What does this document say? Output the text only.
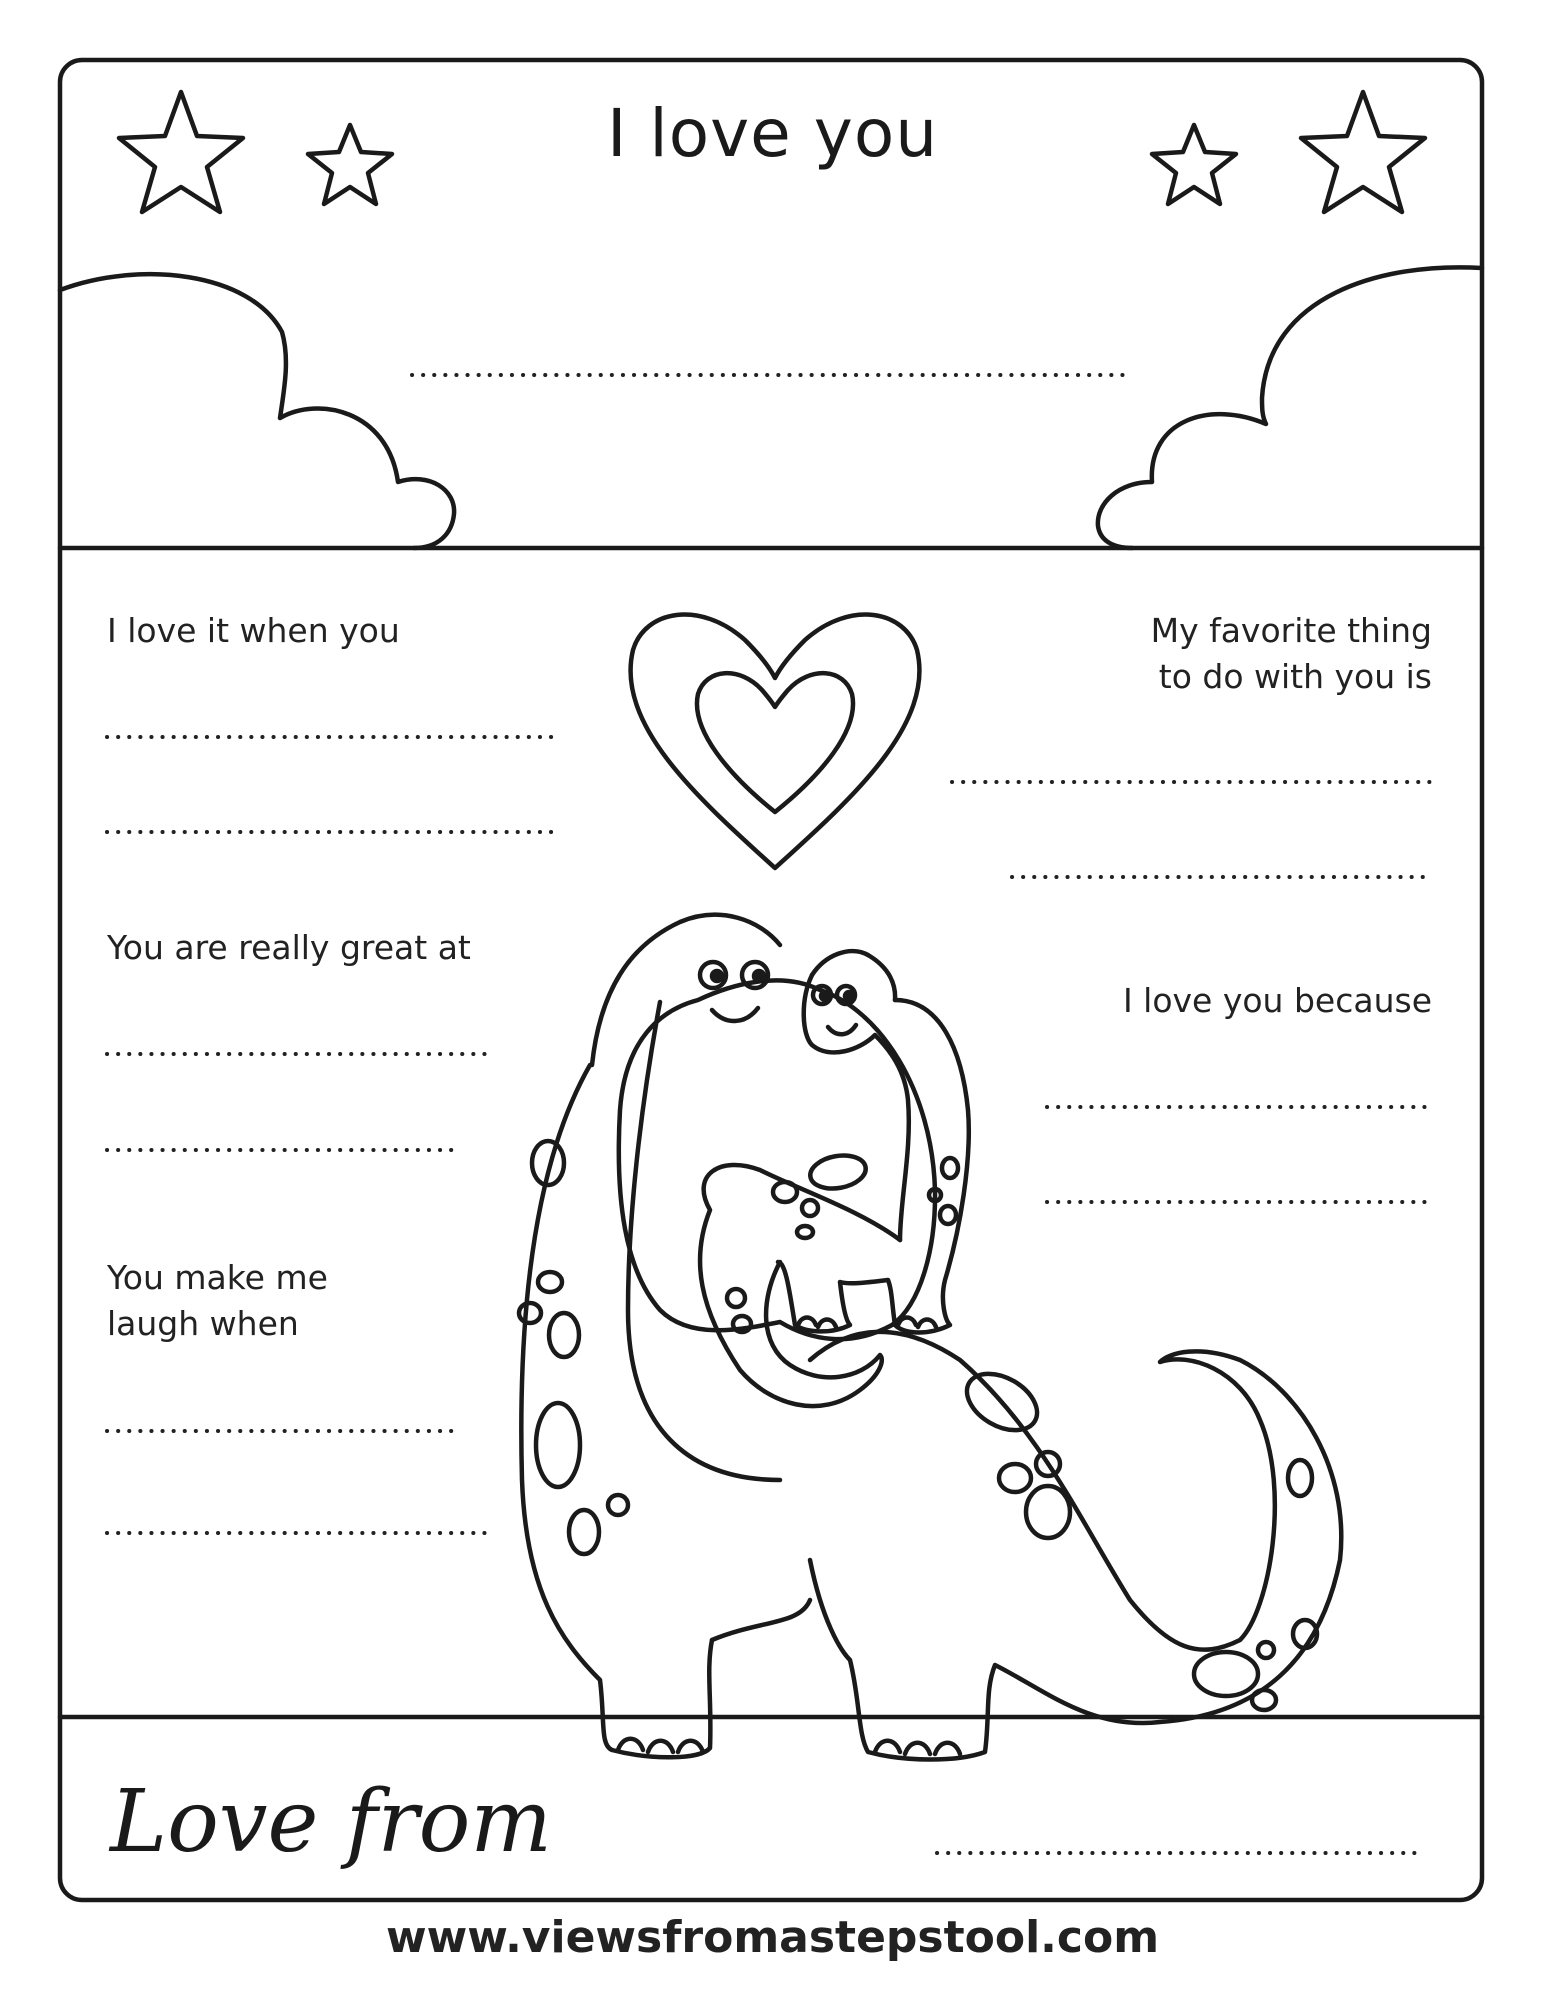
I love you

I love it when you	My favorite thing
to do with you is

You are really great at

I love you because

You make me
laugh when

Love from

www.viewsfromastepstool.com
